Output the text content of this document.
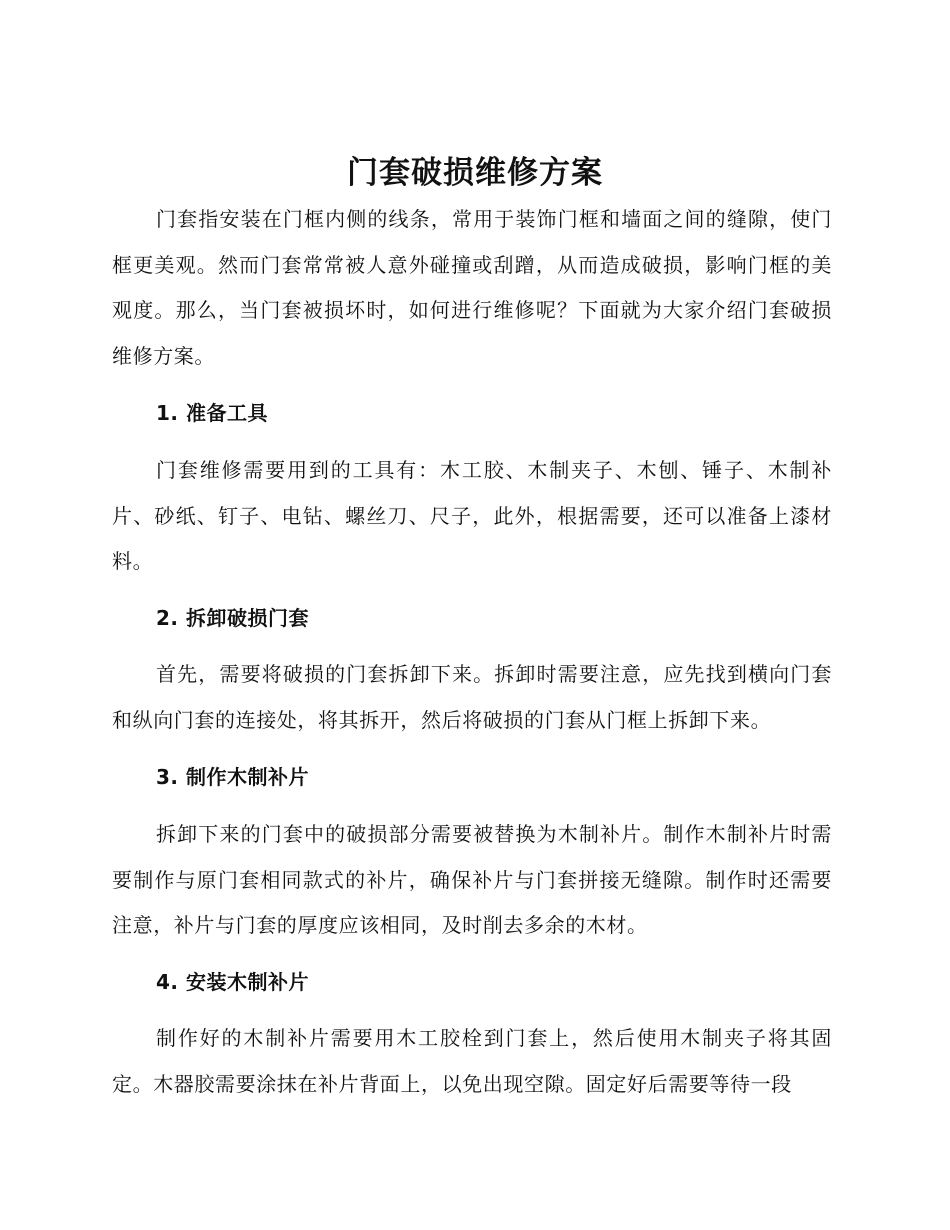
门套破损维修方案

门套指安装在门框内侧的线条，常用于装饰门框和墙面之间的缝隙，使门框更美观。然而门套常常被人意外碰撞或刮蹭，从而造成破损，影响门框的美观度。那么，当门套被损坏时，如何进行维修呢？下面就为大家介绍门套破损维修方案。

1. 准备工具

门套维修需要用到的工具有：木工胶、木制夹子、木刨、锤子、木制补片、砂纸、钉子、电钻、螺丝刀、尺子，此外，根据需要，还可以准备上漆材料。

2. 拆卸破损门套

首先，需要将破损的门套拆卸下来。拆卸时需要注意，应先找到横向门套和纵向门套的连接处，将其拆开，然后将破损的门套从门框上拆卸下来。

3. 制作木制补片

拆卸下来的门套中的破损部分需要被替换为木制补片。制作木制补片时需要制作与原门套相同款式的补片，确保补片与门套拼接无缝隙。制作时还需要注意，补片与门套的厚度应该相同，及时削去多余的木材。

4. 安装木制补片

制作好的木制补片需要用木工胶栓到门套上，然后使用木制夹子将其固定。木器胶需要涂抹在补片背面上，以免出现空隙。固定好后需要等待一段
